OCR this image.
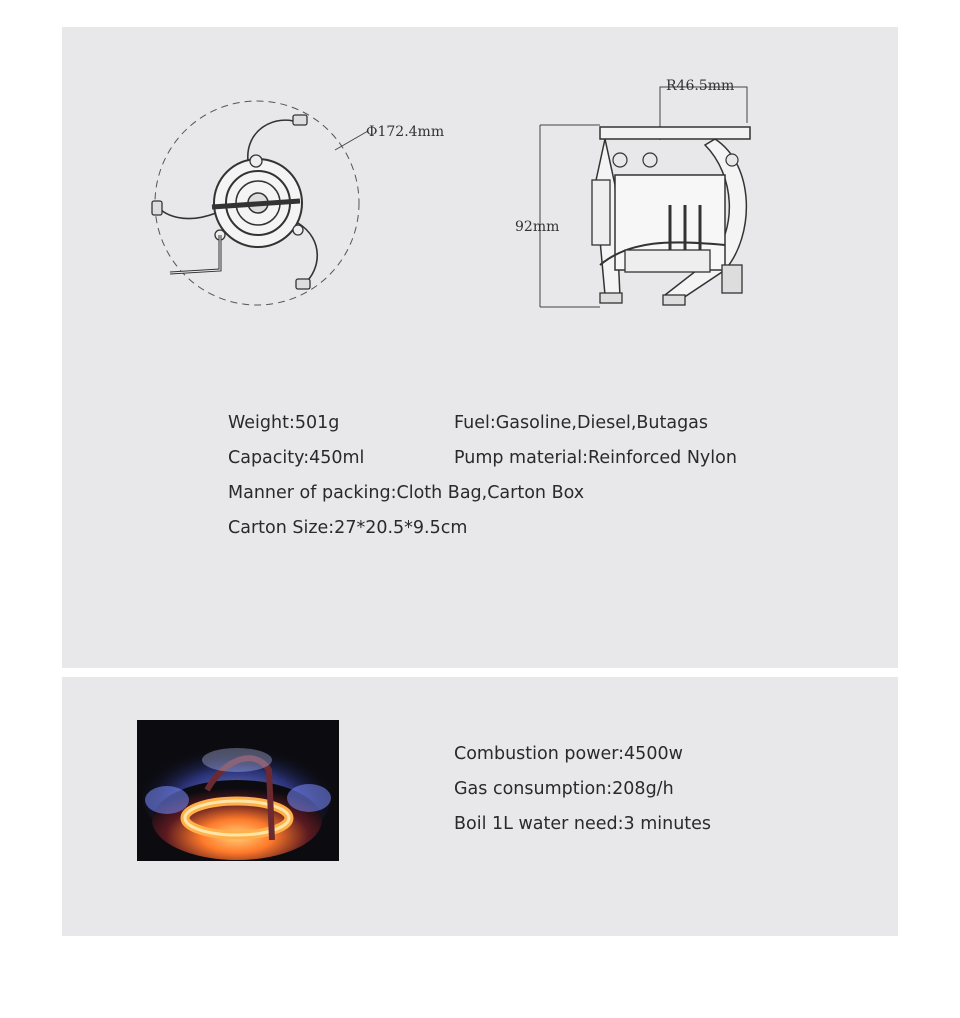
Φ172.4mm
R46.5mm
92mm
Weight:501g	Fuel:Gasoline,Diesel,Butagas
Capacity:450ml	Pump material:Reinforced Nylon
Manner of packing:Cloth Bag,Carton Box
Carton Size:27*20.5*9.5cm
Combustion power:4500w
Gas consumption:208g/h
Boil 1L water need:3 minutes
